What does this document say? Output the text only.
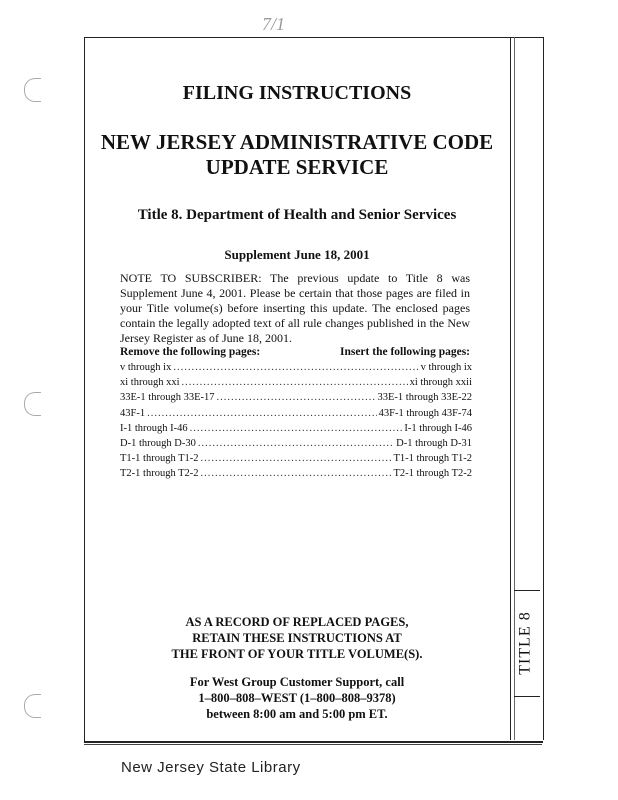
7/1
FILING INSTRUCTIONS
NEW JERSEY ADMINISTRATIVE CODE
UPDATE SERVICE
Title 8. Department of Health and Senior Services
Supplement June 18, 2001
NOTE TO SUBSCRIBER: The previous update to Title 8 was Supplement June 4, 2001. Please be certain that those pages are filed in your Title volume(s) before inserting this update. The enclosed pages contain the legally adopted text of all rule changes published in the New Jersey Register as of June 18, 2001.
Remove the following pages:	Insert the following pages:
v through ix .....	v through ix
xi through xxi .....	xi through xxii
33E-1 through 33E-17 .....	33E-1 through 33E-22
43F-1 .....	43F-1 through 43F-74
I-1 through I-46 .....	I-1 through I-46
D-1 through D-30 .....	D-1 through D-31
T1-1 through T1-2 .....	T1-1 through T1-2
T2-1 through T2-2 .....	T2-1 through T2-2
AS A RECORD OF REPLACED PAGES,
RETAIN THESE INSTRUCTIONS AT
THE FRONT OF YOUR TITLE VOLUME(S).
For West Group Customer Support, call
1–800–808–WEST (1–800–808–9378)
between 8:00 am and 5:00 pm ET.
TITLE 8
New Jersey State Library
